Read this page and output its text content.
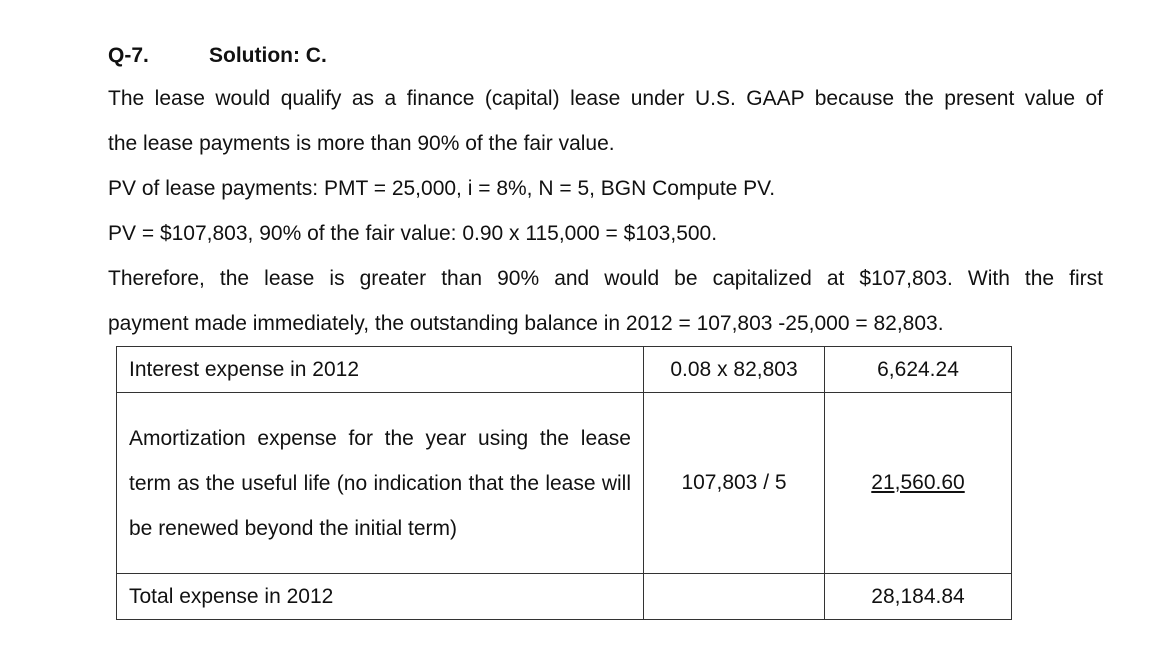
Q-7.	Solution: C.

The lease would qualify as a finance (capital) lease under U.S. GAAP because the present value of

the lease payments is more than 90% of the fair value.

PV of lease payments: PMT = 25,000, i = 8%, N = 5, BGN Compute PV.

PV = $107,803, 90% of the fair value: 0.90 x 115,000 = $103,500.

Therefore, the lease is greater than 90% and would be capitalized at $107,803. With the first

payment made immediately, the outstanding balance in 2012 = 107,803 -25,000 = 82,803.

Interest expense in 2012	0.08 x 82,803	6,624.24

Amortization expense for the year using the lease term as the useful life (no indication that the lease will be renewed beyond the initial term)	107,803 / 5	21,560.60
Total expense in 2012		28,184.84
